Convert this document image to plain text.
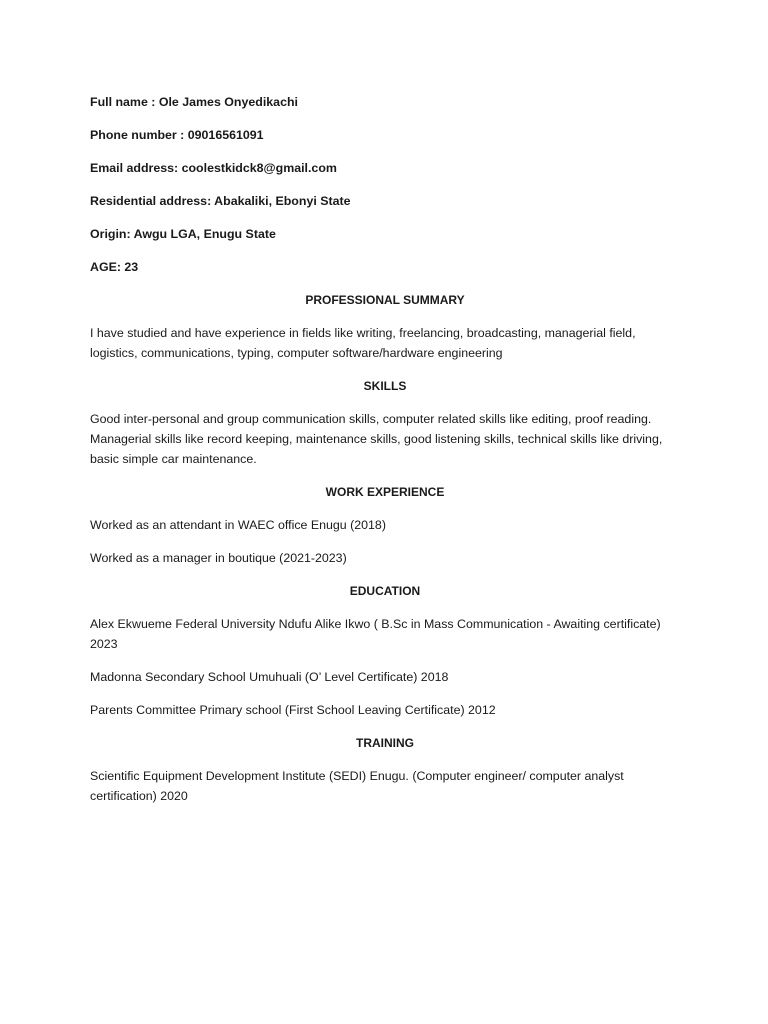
Full name : Ole James Onyedikachi
Phone number : 09016561091
Email address: coolestkidck8@gmail.com
Residential address: Abakaliki, Ebonyi State
Origin: Awgu LGA, Enugu State
AGE: 23
PROFESSIONAL SUMMARY
I have studied and have experience in fields like writing, freelancing, broadcasting, managerial field,
logistics, communications, typing, computer software/hardware engineering
SKILLS
Good inter-personal and group communication skills, computer related skills like editing, proof reading.
Managerial skills like record keeping, maintenance skills, good listening skills, technical skills like driving,
basic simple car maintenance.
WORK EXPERIENCE
Worked as an attendant in WAEC office Enugu (2018)
Worked as a manager in boutique (2021-2023)
EDUCATION
Alex Ekwueme Federal University Ndufu Alike Ikwo ( B.Sc in Mass Communication - Awaiting certificate)
2023
Madonna Secondary School Umuhuali (O’ Level Certificate) 2018
Parents Committee Primary school (First School Leaving Certificate) 2012
TRAINING
Scientific Equipment Development Institute (SEDI) Enugu. (Computer engineer/ computer analyst
certification) 2020
